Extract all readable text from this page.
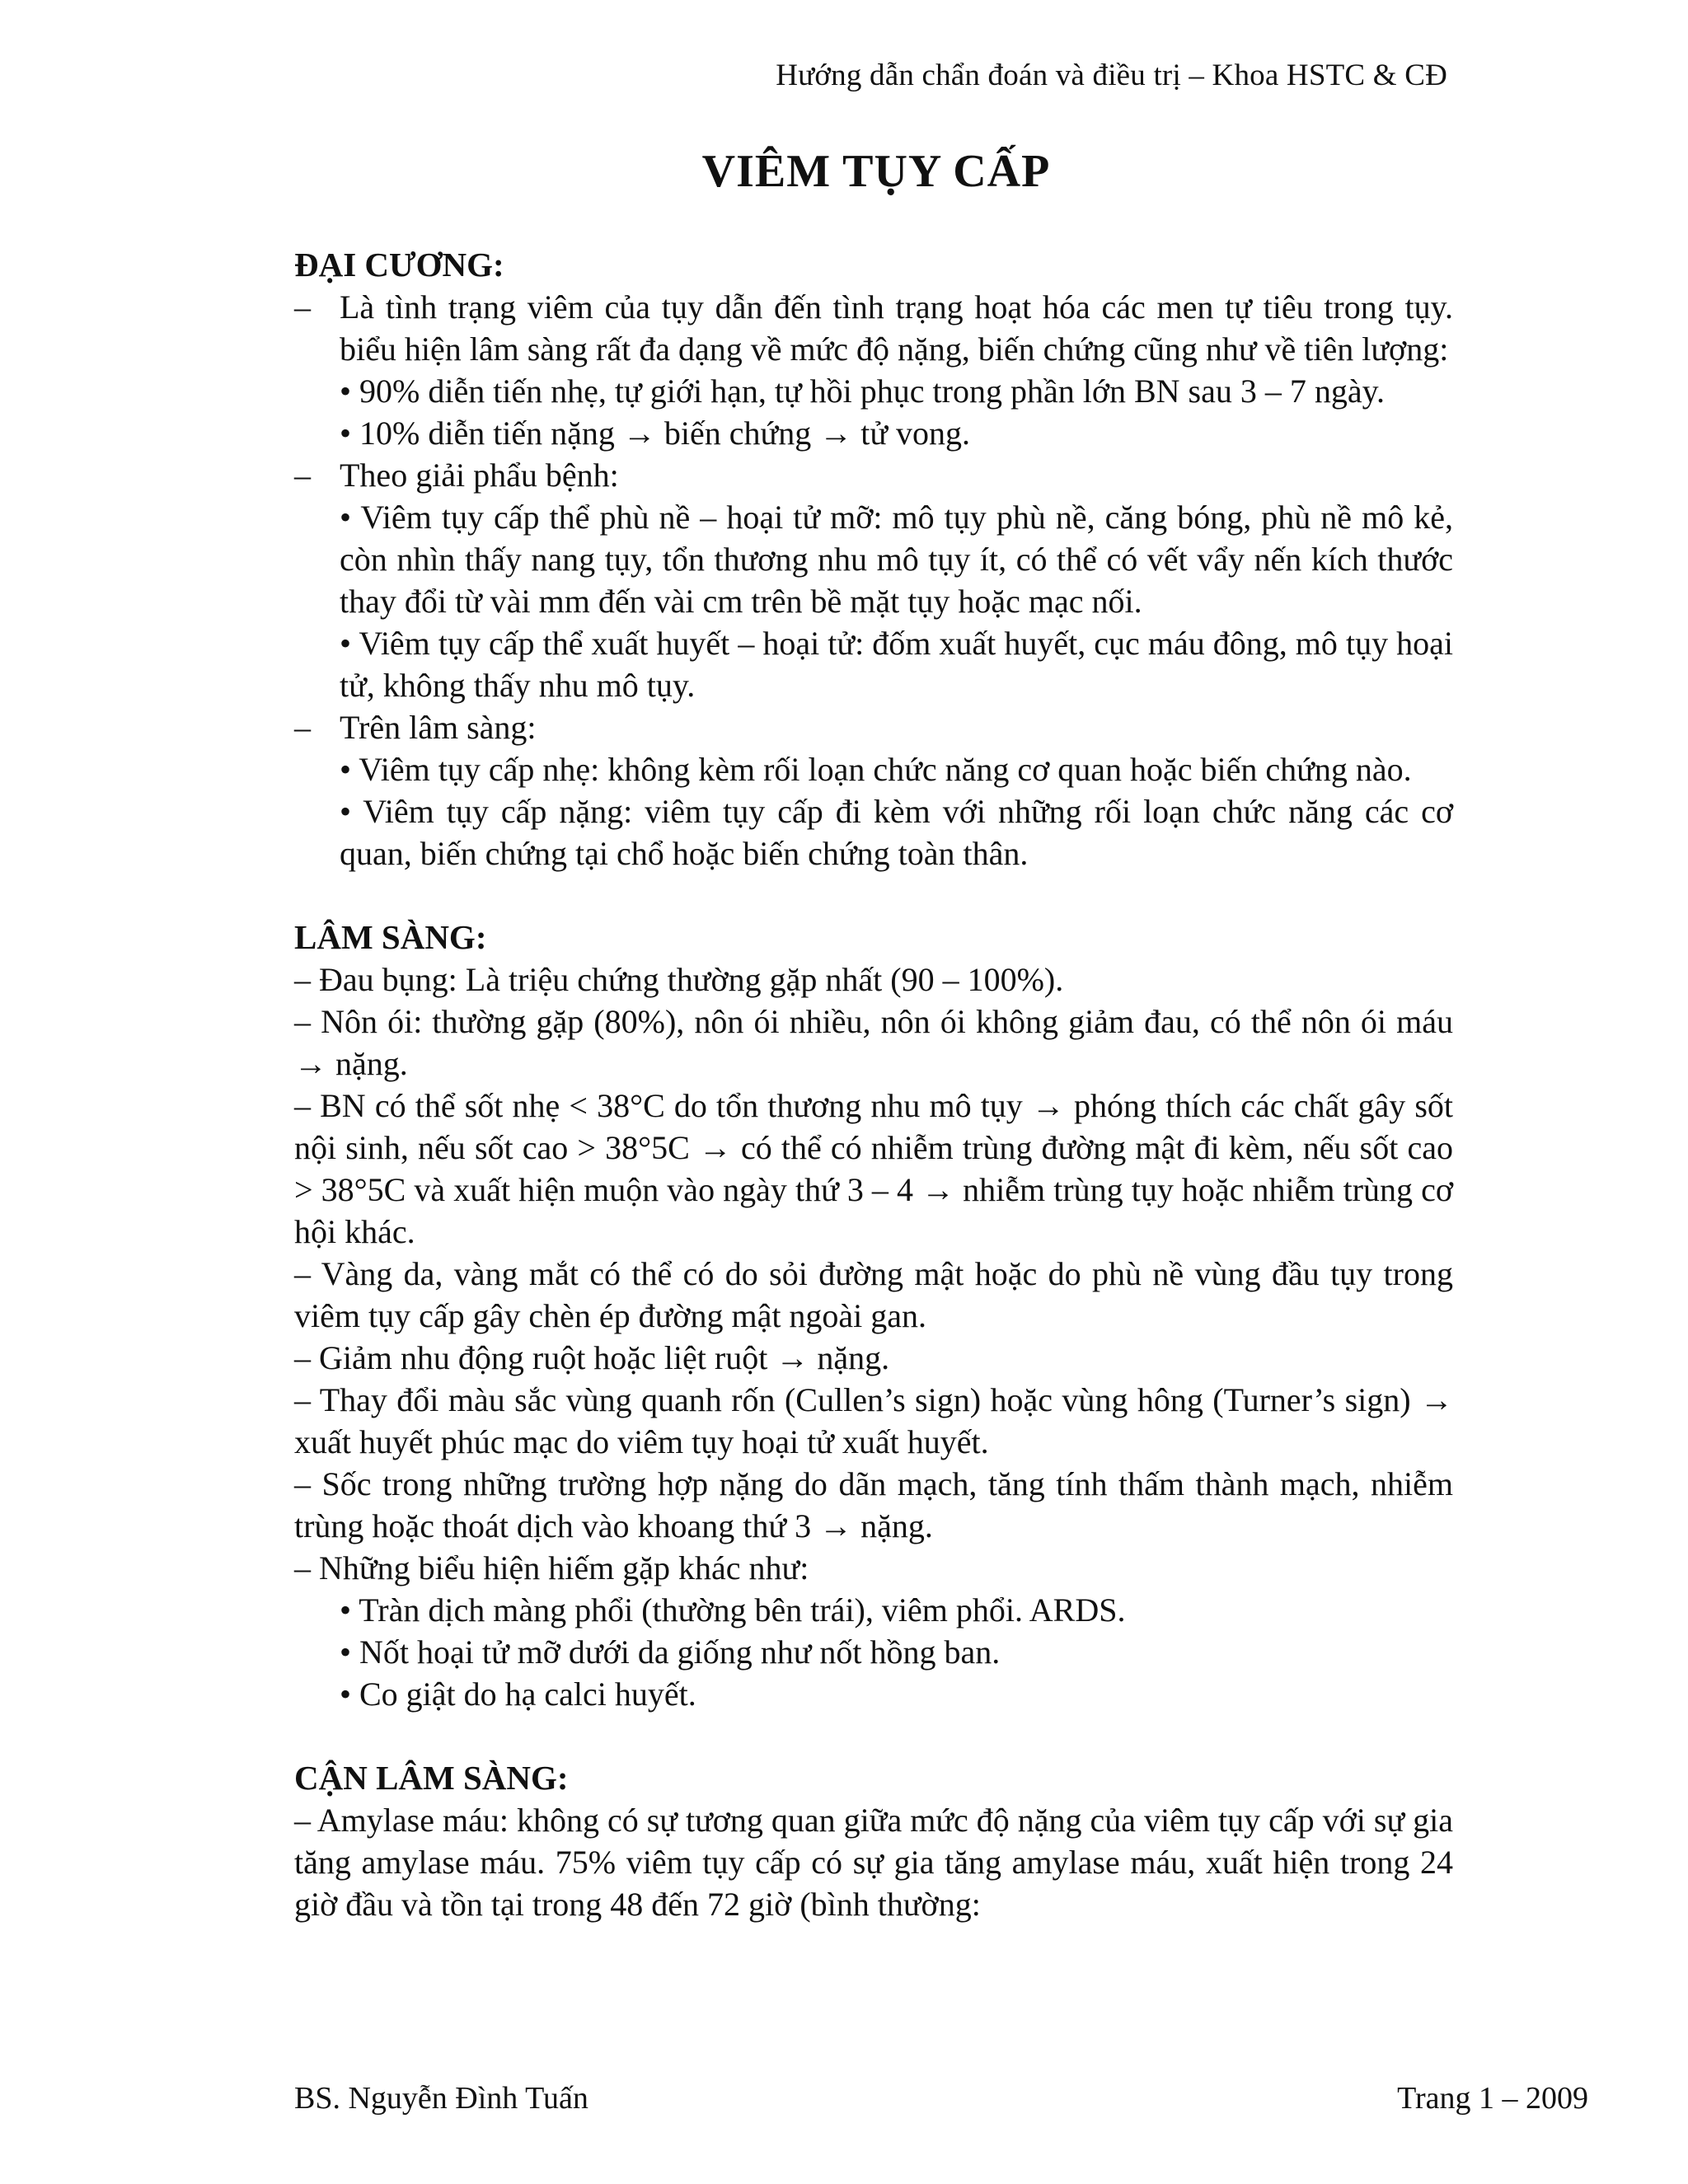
Hướng dẫn chẩn đoán và điều trị – Khoa HSTC & CĐ
VIÊM TỤY CẤP

ĐẠI CƯƠNG:

– Là tình trạng viêm của tụy dẫn đến tình trạng hoạt hóa các men tự tiêu trong tụy. biểu hiện lâm sàng rất đa dạng về mức độ nặng, biến chứng cũng như về tiên lượng:

• 90% diễn tiến nhẹ, tự giới hạn, tự hồi phục trong phần lớn BN sau 3 – 7 ngày.

• 10% diễn tiến nặng → biến chứng → tử vong.

– Theo giải phẩu bệnh:

• Viêm tụy cấp thể phù nề – hoại tử mỡ: mô tụy phù nề, căng bóng, phù nề mô kẻ, còn nhìn thấy nang tụy, tổn thương nhu mô tụy ít, có thể có vết vẩy nến kích thước thay đổi từ vài mm đến vài cm trên bề mặt tụy hoặc mạc nối.

• Viêm tụy cấp thể xuất huyết – hoại tử: đốm xuất huyết, cục máu đông, mô tụy hoại tử, không thấy nhu mô tụy.

– Trên lâm sàng:

• Viêm tụy cấp nhẹ: không kèm rối loạn chức năng cơ quan hoặc biến chứng nào.

• Viêm tụy cấp nặng: viêm tụy cấp đi kèm với những rối loạn chức năng các cơ quan, biến chứng tại chổ hoặc biến chứng toàn thân.

LÂM SÀNG:

– Đau bụng: Là triệu chứng thường gặp nhất (90 – 100%).

– Nôn ói: thường gặp (80%), nôn ói nhiều, nôn ói không giảm đau, có thể nôn ói máu → nặng.

– BN có thể sốt nhẹ < 38°C do tổn thương nhu mô tụy → phóng thích các chất gây sốt nội sinh, nếu sốt cao > 38°5C → có thể có nhiễm trùng đường mật đi kèm, nếu sốt cao > 38°5C và xuất hiện muộn vào ngày thứ 3 – 4 → nhiễm trùng tụy hoặc nhiễm trùng cơ hội khác.

– Vàng da, vàng mắt có thể có do sỏi đường mật hoặc do phù nề vùng đầu tụy trong viêm tụy cấp gây chèn ép đường mật ngoài gan.

– Giảm nhu động ruột hoặc liệt ruột → nặng.

– Thay đổi màu sắc vùng quanh rốn (Cullen’s sign) hoặc vùng hông (Turner’s sign) → xuất huyết phúc mạc do viêm tụy hoại tử xuất huyết.

– Sốc trong những trường hợp nặng do dãn mạch, tăng tính thấm thành mạch, nhiễm trùng hoặc thoát dịch vào khoang thứ 3 → nặng.

– Những biểu hiện hiếm gặp khác như:

• Tràn dịch màng phổi (thường bên trái), viêm phổi. ARDS.

• Nốt hoại tử mỡ dưới da giống như nốt hồng ban.

• Co giật do hạ calci huyết.

CẬN LÂM SÀNG:

– Amylase máu: không có sự tương quan giữa mức độ nặng của viêm tụy cấp với sự gia tăng amylase máu. 75% viêm tụy cấp có sự gia tăng amylase máu, xuất hiện trong 24 giờ đầu và tồn tại trong 48 đến 72 giờ (bình thường:

BS. Nguyễn Đình Tuấn	Trang 1 – 2009
